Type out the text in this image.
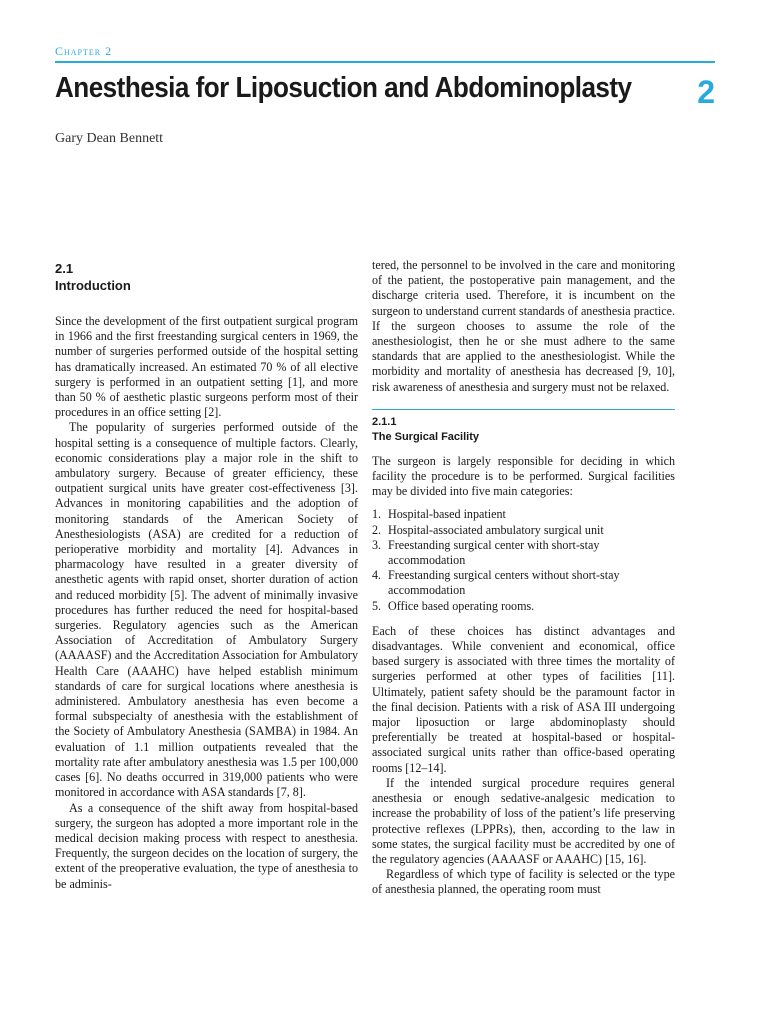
Chapter 2
Anesthesia for Liposuction and Abdominoplasty 2
Gary Dean Bennett
2.1
Introduction

Since the development of the first outpatient surgical program in 1966 and the first freestanding surgical centers in 1969, the number of surgeries performed outside of the hospital setting has dramatically increased. An estimated 70 % of all elective surgery is performed in an outpatient setting [1], and more than 50 % of aesthetic plastic surgeons perform most of their procedures in an office setting [2].

The popularity of surgeries performed outside of the hospital setting is a consequence of multiple factors. Clearly, economic considerations play a major role in the shift to ambulatory surgery. Because of greater efficiency, these outpatient surgical units have greater cost-effectiveness [3]. Advances in monitoring capabilities and the adoption of monitoring standards of the American Society of Anesthesiologists (ASA) are credited for a reduction of perioperative morbidity and mortality [4]. Advances in pharmacology have resulted in a greater diversity of anesthetic agents with rapid onset, shorter duration of action and reduced morbidity [5]. The advent of minimally invasive procedures has further reduced the need for hospital-based surgeries. Regulatory agencies such as the American Association of Accreditation of Ambulatory Surgery (AAAASF) and the Accreditation Association for Ambulatory Health Care (AAAHC) have helped establish minimum standards of care for surgical locations where anesthesia is administered. Ambulatory anesthesia has even become a formal subspecialty of anesthesia with the establishment of the Society of Ambulatory Anesthesia (SAMBA) in 1984. An evaluation of 1.1 million outpatients revealed that the mortality rate after ambulatory anesthesia was 1.5 per 100,000 cases [6]. No deaths occurred in 319,000 patients who were monitored in accordance with ASA standards [7, 8].

As a consequence of the shift away from hospital-based surgery, the surgeon has adopted a more important role in the medical decision making process with respect to anesthesia. Frequently, the surgeon decides on the location of surgery, the extent of the preoperative evaluation, the type of anesthesia to be adminis-

tered, the personnel to be involved in the care and monitoring of the patient, the postoperative pain management, and the discharge criteria used. Therefore, it is incumbent on the surgeon to understand current standards of anesthesia practice. If the surgeon chooses to assume the role of the anesthesiologist, then he or she must adhere to the same standards that are applied to the anesthesiologist. While the morbidity and mortality of anesthesia has decreased [9, 10], risk awareness of anesthesia and surgery must not be relaxed.

2.1.1
The Surgical Facility

The surgeon is largely responsible for deciding in which facility the procedure is to be performed. Surgical facilities may be divided into five main categories:

1. Hospital-based inpatient
2. Hospital-associated ambulatory surgical unit
3. Freestanding surgical center with short-stay accommodation
4. Freestanding surgical centers without short-stay accommodation
5. Office based operating rooms.

Each of these choices has distinct advantages and disadvantages. While convenient and economical, office based surgery is associated with three times the mortality of surgeries performed at other types of facilities [11]. Ultimately, patient safety should be the paramount factor in the final decision. Patients with a risk of ASA III undergoing major liposuction or large abdominoplasty should preferentially be treated at hospital-based or hospital-associated surgical units rather than office-based operating rooms [12–14].

If the intended surgical procedure requires general anesthesia or enough sedative-analgesic medication to increase the probability of loss of the patient’s life preserving protective reflexes (LPPRs), then, according to the law in some states, the surgical facility must be accredited by one of the regulatory agencies (AAAASF or AAAHC) [15, 16].

Regardless of which type of facility is selected or the type of anesthesia planned, the operating room must
